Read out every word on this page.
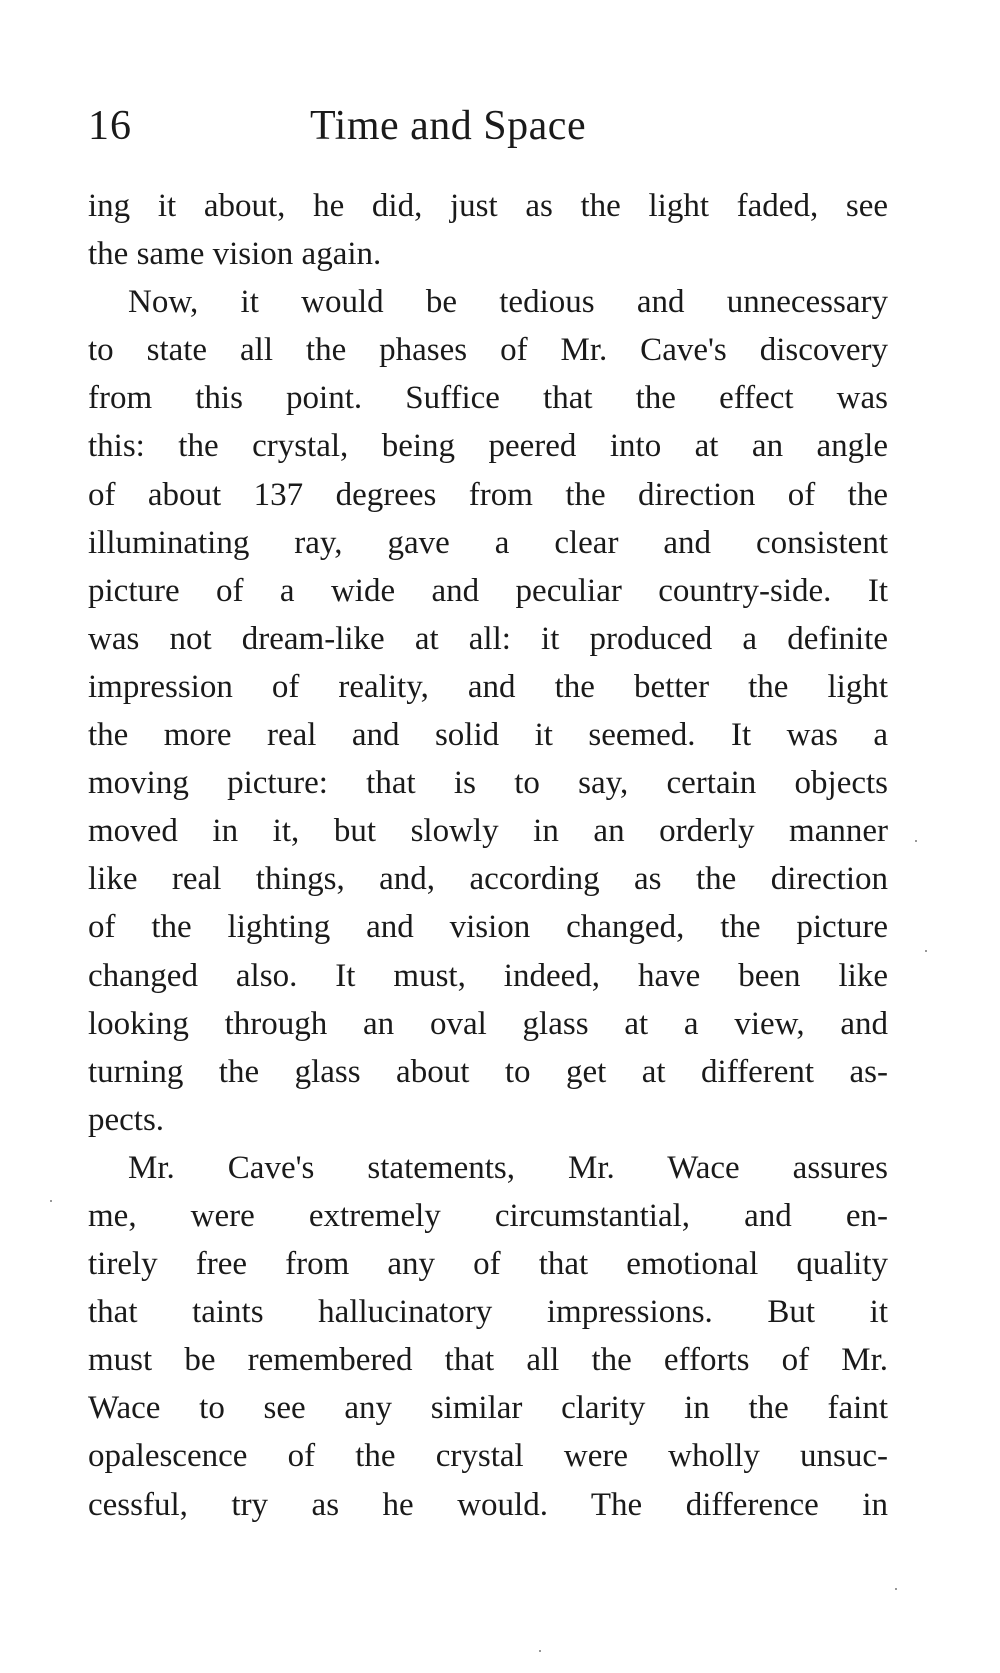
16	Time and Space
ing it about, he did, just as the light faded, see
the same vision again.
Now, it would be tedious and unnecessary
to state all the phases of Mr. Cave's discovery
from this point. Suffice that the effect was
this: the crystal, being peered into at an angle
of about 137 degrees from the direction of the
illuminating ray, gave a clear and consistent
picture of a wide and peculiar country-side. It
was not dream-like at all: it produced a definite
impression of reality, and the better the light
the more real and solid it seemed. It was a
moving picture: that is to say, certain objects
moved in it, but slowly in an orderly manner
like real things, and, according as the direction
of the lighting and vision changed, the picture
changed also. It must, indeed, have been like
looking through an oval glass at a view, and
turning the glass about to get at different as-
pects.
Mr. Cave's statements, Mr. Wace assures
me, were extremely circumstantial, and en-
tirely free from any of that emotional quality
that taints hallucinatory impressions. But it
must be remembered that all the efforts of Mr.
Wace to see any similar clarity in the faint
opalescence of the crystal were wholly unsuc-
cessful, try as he would. The difference in
